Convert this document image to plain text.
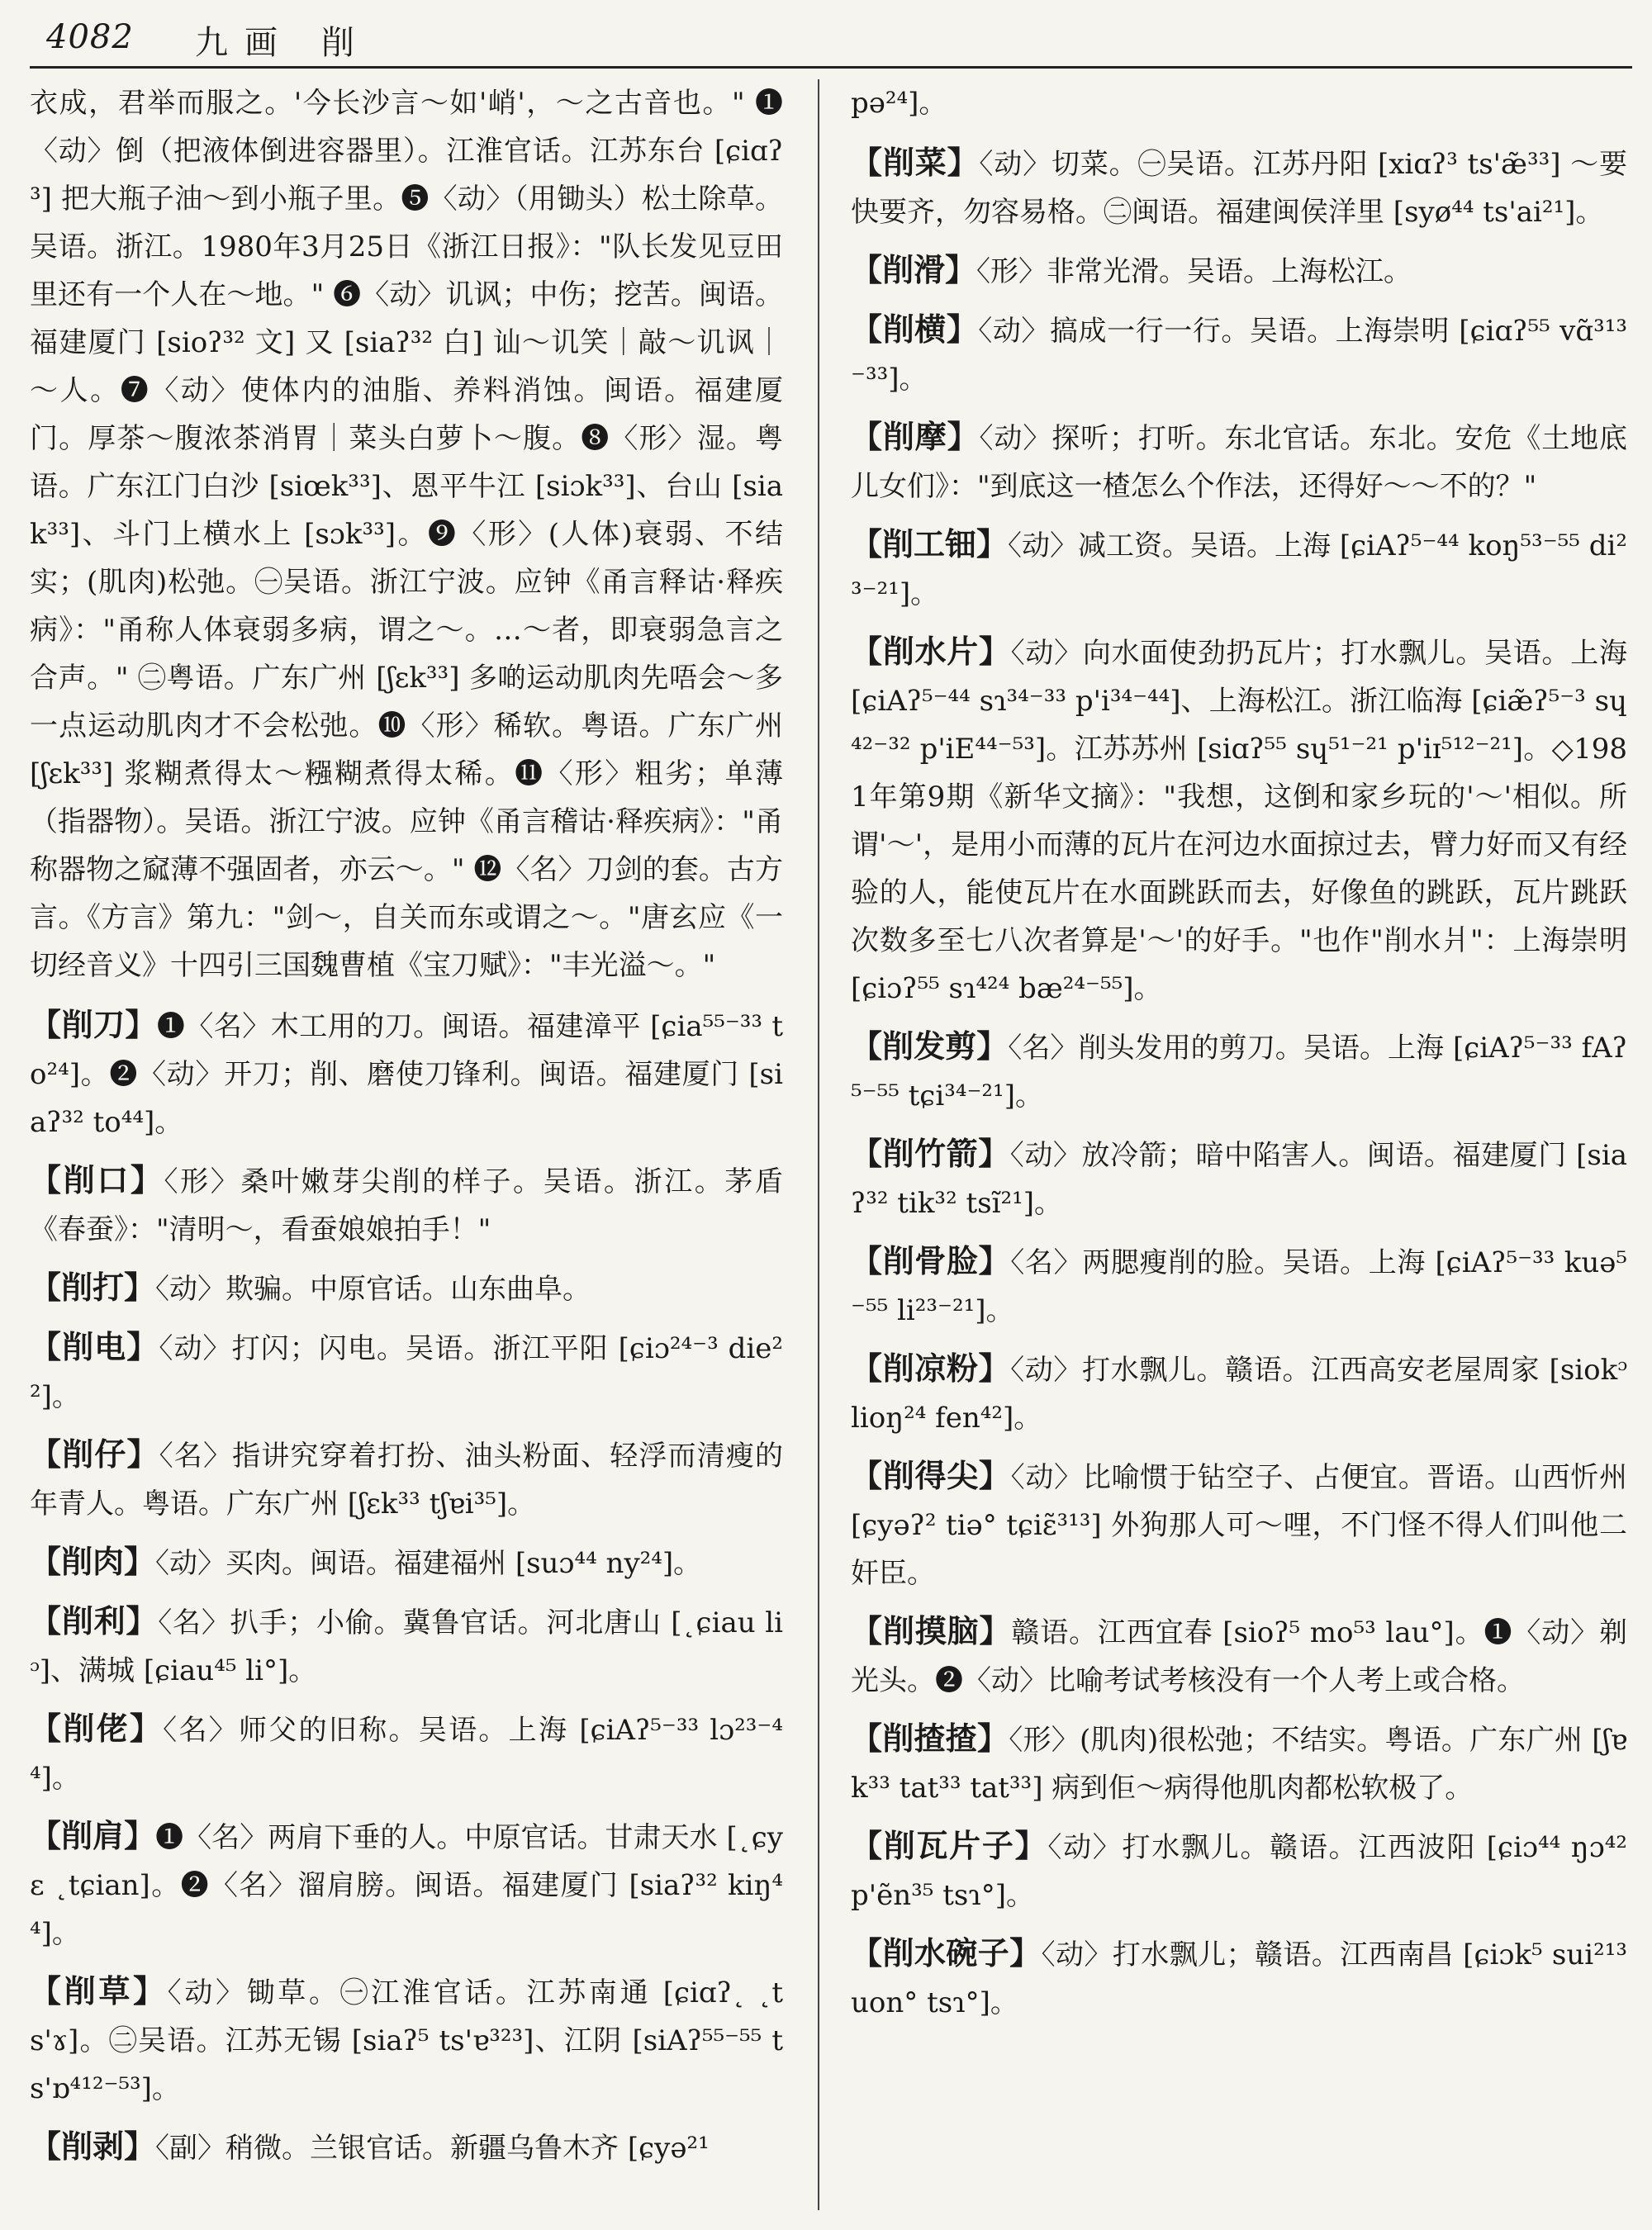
4082 九画 削

衣成，君举而服之。'今长沙言～如'峭'，～之古音也。" ❶〈动〉倒（把液体倒进容器里）。江淮官话。江苏东台 [ɕiɑʔ³] 把大瓶子油～到小瓶子里。❺〈动〉（用锄头）松土除草。吴语。浙江。1980年3月25日《浙江日报》："队长发见豆田里还有一个人在～地。" ❻〈动〉讥讽；中伤；挖苦。闽语。福建厦门 [sioʔ³² 文] 又 [siaʔ³² 白] 讪～讥笑｜敲～讥讽｜～人。❼〈动〉使体内的油脂、养料消蚀。闽语。福建厦门。厚茶～腹浓茶消胃｜菜头白萝卜～腹。❽〈形〉湿。粤语。广东江门白沙 [siœk³³]、恩平牛江 [siɔk³³]、台山 [siak³³]、斗门上横水上 [sɔk³³]。❾〈形〉(人体)衰弱、不结实；(肌肉)松弛。㊀吴语。浙江宁波。应钟《甬言释诂·释疾病》："甬称人体衰弱多病，谓之～。…～者，即衰弱急言之合声。" ㊁粤语。广东广州 [ʃɛk³³] 多啲运动肌肉先唔会～多一点运动肌肉才不会松弛。❿〈形〉稀软。粤语。广东广州 [ʃɛk³³] 浆糊煮得太～糨糊煮得太稀。⓫〈形〉粗劣；单薄（指器物）。吴语。浙江宁波。应钟《甬言稽诂·释疾病》："甬称器物之窳薄不强固者，亦云～。" ⓬〈名〉刀剑的套。古方言。《方言》第九："剑～，自关而东或谓之～。"唐玄应《一切经音义》十四引三国魏曹植《宝刀赋》："丰光溢～。"

【削刀】❶〈名〉木工用的刀。闽语。福建漳平 [ɕia⁵⁵⁻³³ to²⁴]。❷〈动〉开刀；削、磨使刀锋利。闽语。福建厦门 [siaʔ³² to⁴⁴]。

【削口】〈形〉桑叶嫩芽尖削的样子。吴语。浙江。茅盾《春蚕》："清明～，看蚕娘娘拍手！"

【削打】〈动〉欺骗。中原官话。山东曲阜。

【削电】〈动〉打闪；闪电。吴语。浙江平阳 [ɕiɔ²⁴⁻³ die²²]。

【削仔】〈名〉指讲究穿着打扮、油头粉面、轻浮而清瘦的年青人。粤语。广东广州 [ʃɛk³³ tʃɐi³⁵]。

【削肉】〈动〉买肉。闽语。福建福州 [suɔ⁴⁴ ny²⁴]。

【削利】〈名〉扒手；小偷。冀鲁官话。河北唐山 [˛ɕiau liᵓ]、满城 [ɕiau⁴⁵ li°]。

【削佬】〈名〉师父的旧称。吴语。上海 [ɕiAʔ⁵⁻³³ lɔ²³⁻⁴⁴]。

【削肩】❶〈名〉两肩下垂的人。中原官话。甘肃天水 [˛ɕyɛ ˛tɕian]。❷〈名〉溜肩膀。闽语。福建厦门 [siaʔ³² kiŋ⁴⁴]。

【削草】〈动〉锄草。㊀江淮官话。江苏南通 [ɕiɑʔ˛ ˛ts'ɤ]。㊁吴语。江苏无锡 [siaʔ⁵ ts'ɐ³²³]、江阴 [siAʔ⁵⁵⁻⁵⁵ ts'ɒ⁴¹²⁻⁵³]。

【削剥】〈副〉稍微。兰银官话。新疆乌鲁木齐 [ɕyə²¹

pə²⁴]。

【削菜】〈动〉切菜。㊀吴语。江苏丹阳 [xiɑʔ³ ts'æ̃³³] ～要快要齐，勿容易格。㊁闽语。福建闽侯洋里 [syø⁴⁴ ts'ai²¹]。

【削滑】〈形〉非常光滑。吴语。上海松江。

【削横】〈动〉搞成一行一行。吴语。上海崇明 [ɕiɑʔ⁵⁵ vɑ̃³¹³⁻³³]。

【削摩】〈动〉探听；打听。东北官话。东北。安危《土地底儿女们》："到底这一楂怎么个作法，还得好～～不的？"

【削工钿】〈动〉减工资。吴语。上海 [ɕiAʔ⁵⁻⁴⁴ koŋ⁵³⁻⁵⁵ di²³⁻²¹]。

【削水片】〈动〉向水面使劲扔瓦片；打水飘儿。吴语。上海 [ɕiAʔ⁵⁻⁴⁴ sɿ³⁴⁻³³ p'i³⁴⁻⁴⁴]、上海松江。浙江临海 [ɕiæ̃ʔ⁵⁻³ sɥ⁴²⁻³² p'iE⁴⁴⁻⁵³]。江苏苏州 [siɑʔ⁵⁵ sɥ⁵¹⁻²¹ p'iɪ⁵¹²⁻²¹]。◇1981年第9期《新华文摘》："我想，这倒和家乡玩的'～'相似。所谓'～'，是用小而薄的瓦片在河边水面掠过去，臂力好而又有经验的人，能使瓦片在水面跳跃而去，好像鱼的跳跃，瓦片跳跃次数多至七八次者算是'～'的好手。"也作"削水爿"：上海崇明 [ɕiɔʔ⁵⁵ sɿ⁴²⁴ bæ²⁴⁻⁵⁵]。

【削发剪】〈名〉削头发用的剪刀。吴语。上海 [ɕiAʔ⁵⁻³³ fAʔ⁵⁻⁵⁵ tɕi³⁴⁻²¹]。

【削竹箭】〈动〉放冷箭；暗中陷害人。闽语。福建厦门 [siaʔ³² tik³² tsĩ²¹]。

【削骨脸】〈名〉两腮瘦削的脸。吴语。上海 [ɕiAʔ⁵⁻³³ kuə⁵⁻⁵⁵ li²³⁻²¹]。

【削凉粉】〈动〉打水飘儿。赣语。江西高安老屋周家 [siokᵓ lioŋ²⁴ fen⁴²]。

【削得尖】〈动〉比喻惯于钻空子、占便宜。晋语。山西忻州 [ɕyəʔ² tiə° tɕiɛ̃³¹³] 外狗那人可～哩，不门怪不得人们叫他二奸臣。

【削摸脑】赣语。江西宜春 [sioʔ⁵ mo⁵³ lau°]。❶〈动〉剃光头。❷〈动〉比喻考试考核没有一个人考上或合格。

【削揸揸】〈形〉(肌肉)很松弛；不结实。粤语。广东广州 [ʃɐk³³ tat³³ tat³³] 病到佢～病得他肌肉都松软极了。

【削瓦片子】〈动〉打水飘儿。赣语。江西波阳 [ɕiɔ⁴⁴ ŋɔ⁴² p'ẽn³⁵ tsɿ°]。

【削水碗子】〈动〉打水飘儿；赣语。江西南昌 [ɕiɔk⁵ sui²¹³ uon° tsɿ°]。
